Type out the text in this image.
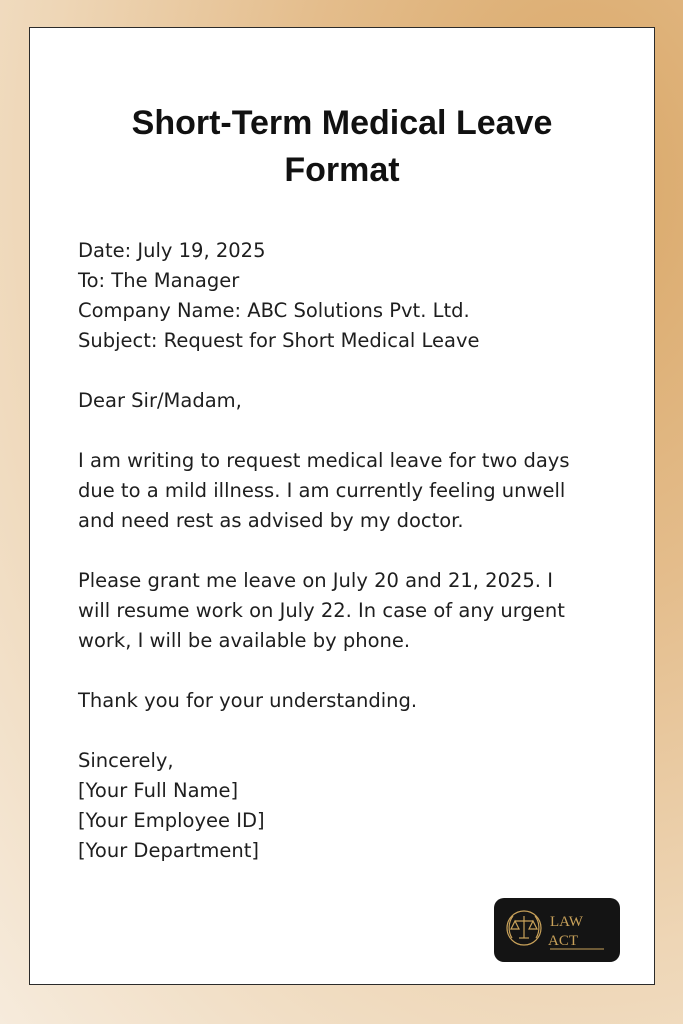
Short-Term Medical Leave
Format
Date: July 19, 2025
To: The Manager
Company Name: ABC Solutions Pvt. Ltd.
Subject: Request for Short Medical Leave
Dear Sir/Madam,
I am writing to request medical leave for two days
due to a mild illness. I am currently feeling unwell
and need rest as advised by my doctor.
Please grant me leave on July 20 and 21, 2025. I
will resume work on July 22. In case of any urgent
work, I will be available by phone.
Thank you for your understanding.
Sincerely,
[Your Full Name]
[Your Employee ID]
[Your Department]
LAW
ACT
